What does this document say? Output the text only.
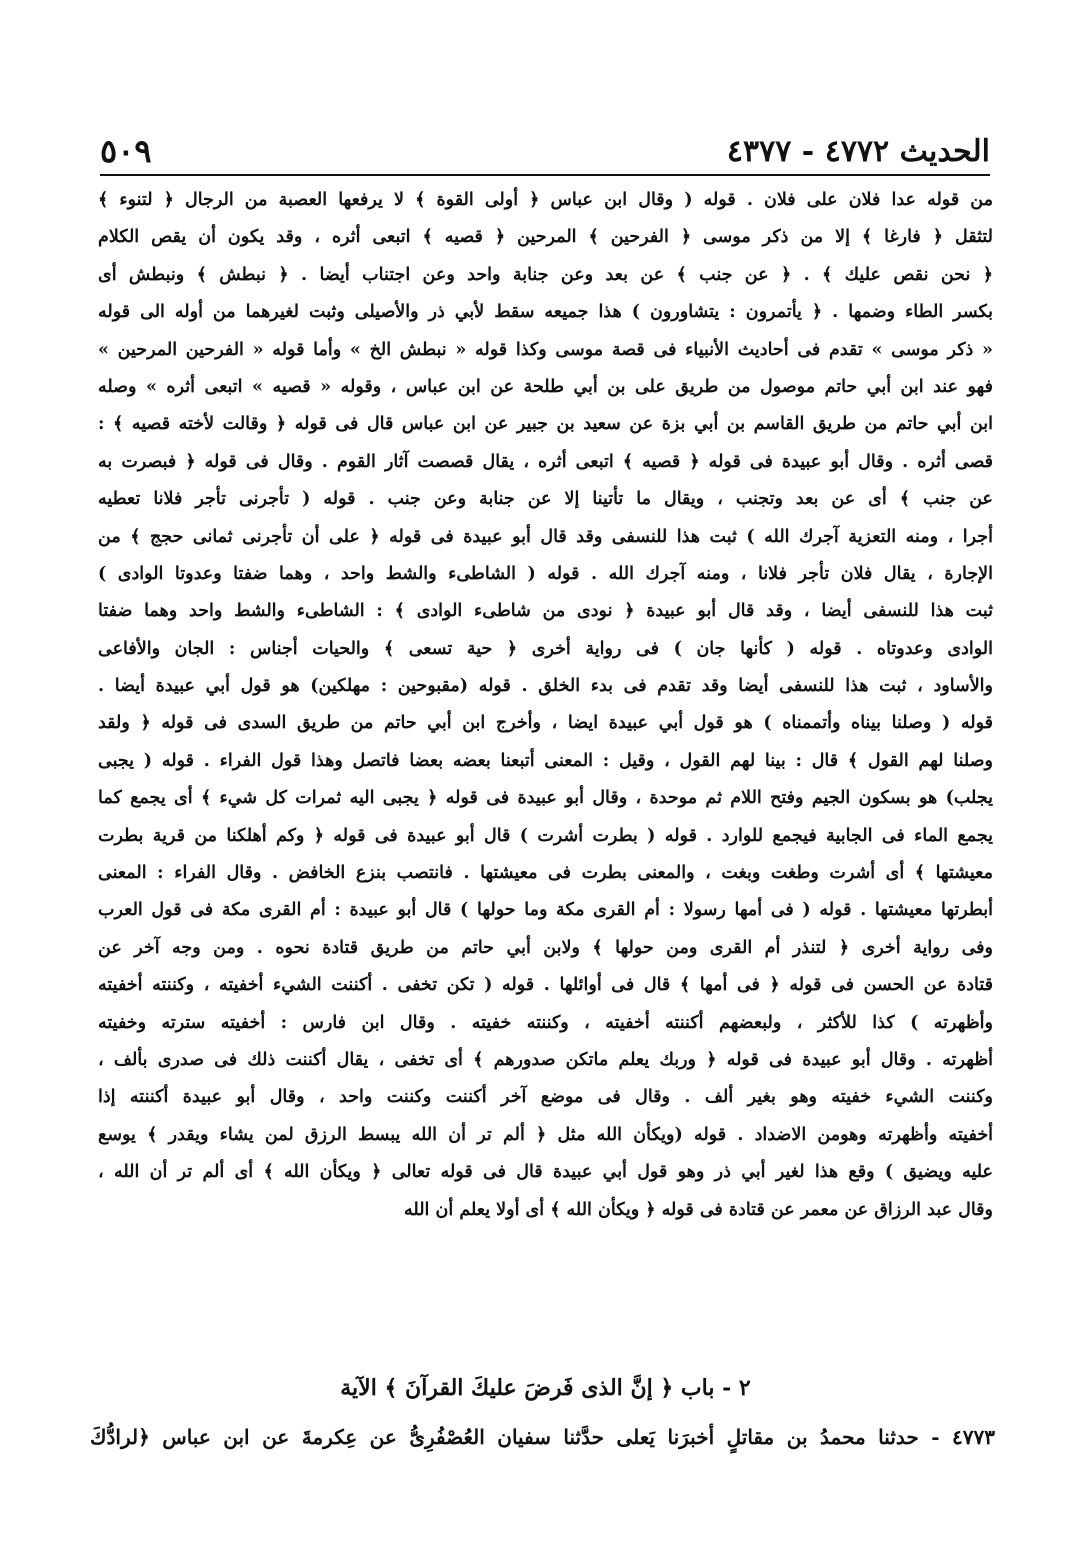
الحديث ٤٧٧٢ - ٤٣٧٧
٥٠٩
من قوله عدا فلان على فلان . قوله ( وقال ابن عباس ﴿ أولى القوة ﴾ لا يرفعها العصبة من الرجال ﴿ لتنوء ﴾
لتثقل ﴿ فارغا ﴾ إلا من ذكر موسى ﴿ الفرحين ﴾ المرحين ﴿ قصيه ﴾ اتبعى أثره ، وقد يكون أن يقص الكلام
﴿ نحن نقص عليك ﴾ . ﴿ عن جنب ﴾ عن بعد وعن جنابة واحد وعن اجتناب أيضا . ﴿ نبطش ﴾ ونبطش أى
بكسر الطاء وضمها . ﴿ يأتمرون : يتشاورون ) هذا جميعه سقط لأبي ذر والأصيلى وثبت لغيرهما من أوله الى قوله
« ذكر موسى » تقدم فى أحاديث الأنبياء فى قصة موسى وكذا قوله « نبطش الخ » وأما قوله « الفرحين المرحين »
فهو عند ابن أبي حاتم موصول من طريق على بن أبي طلحة عن ابن عباس ، وقوله « قصيه » اتبعى أثره » وصله
ابن أبي حاتم من طريق القاسم بن أبي بزة عن سعيد بن جبير عن ابن عباس قال فى قوله ﴿ وقالت لأخته قصيه ﴾ :
قصى أثره . وقال أبو عبيدة فى قوله ﴿ قصيه ﴾ اتبعى أثره ، يقال قصصت آثار القوم . وقال فى قوله ﴿ فبصرت به
عن جنب ﴾ أى عن بعد وتجنب ، ويقال ما تأتينا إلا عن جنابة وعن جنب . قوله ( تأجرنى تأجر فلانا تعطيه
أجرا ، ومنه التعزية آجرك الله ) ثبت هذا للنسفى وقد قال أبو عبيدة فى قوله ﴿ على أن تأجرنى ثمانى حجج ﴾ من
الإجارة ، يقال فلان تأجر فلانا ، ومنه آجرك الله . قوله ( الشاطىء والشط واحد ، وهما ضفتا وعدوتا الوادى )
ثبت هذا للنسفى أيضا ، وقد قال أبو عبيدة ﴿ نودى من شاطىء الوادى ﴾ : الشاطىء والشط واحد وهما ضفتا
الوادى وعدوتاه . قوله ( كأنها جان ) فى رواية أخرى ﴿ حية تسعى ﴾ والحيات أجناس : الجان والأفاعى
والأساود ، ثبت هذا للنسفى أيضا وقد تقدم فى بدء الخلق . قوله (مقبوحين : مهلكين) هو قول أبي عبيدة أيضا .
قوله ( وصلنا بيناه وأتممناه ) هو قول أبي عبيدة ايضا ، وأخرج ابن أبي حاتم من طريق السدى فى قوله ﴿ ولقد
وصلنا لهم القول ﴾ قال : بينا لهم القول ، وقيل : المعنى أتبعنا بعضه بعضا فاتصل وهذا قول الفراء . قوله ( يجبى
يجلب) هو بسكون الجيم وفتح اللام ثم موحدة ، وقال أبو عبيدة فى قوله ﴿ يجبى اليه ثمرات كل شيء ﴾ أى يجمع كما
يجمع الماء فى الجابية فيجمع للوارد . قوله ( بطرت أشرت ) قال أبو عبيدة فى قوله ﴿ وكم أهلكنا من قرية بطرت
معيشتها ﴾ أى أشرت وطغت وبغت ، والمعنى بطرت فى معيشتها . فانتصب بنزع الخافض . وقال الفراء : المعنى
أبطرتها معيشتها . قوله ( فى أمها رسولا : أم القرى مكة وما حولها ) قال أبو عبيدة : أم القرى مكة فى قول العرب
وفى رواية أخرى ﴿ لتنذر أم القرى ومن حولها ﴾ ولابن أبي حاتم من طريق قتادة نحوه . ومن وجه آخر عن
قتادة عن الحسن فى قوله ﴿ فى أمها ﴾ قال فى أوائلها . قوله ( تكن تخفى . أكننت الشيء أخفيته ، وكننته أخفيته
وأظهرته ) كذا للأكثر ، ولبعضهم أكننته أخفيته ، وكننته خفيته . وقال ابن فارس : أخفيته سترته وخفيته
أظهرته . وقال أبو عبيدة فى قوله ﴿ وربك يعلم ماتكن صدورهم ﴾ أى تخفى ، يقال أكننت ذلك فى صدرى بألف ،
وكننت الشيء خفيته وهو بغير ألف . وقال فى موضع آخر أكننت وكننت واحد ، وقال أبو عبيدة أكننته إذا
أخفيته وأظهرته وهومن الاضداد . قوله (ويكأن الله مثل ﴿ ألم تر أن الله يبسط الرزق لمن يشاء ويقدر ﴾ يوسع
عليه ويضيق ) وقع هذا لغير أبي ذر وهو قول أبي عبيدة قال فى قوله تعالى ﴿ ويكأن الله ﴾ أى ألم تر أن الله ،
وقال عبد الرزاق عن معمر عن قتادة فى قوله ﴿ ويكأن الله ﴾ أى أولا يعلم أن الله
٢ - باب ﴿ إنَّ الذى فَرضَ عليكَ القرآنَ ﴾ الآية
٤٧٧٣ - حدثنا محمدُ بن مقاتلٍ أخبرَنا يَعلى حدَّثنا سفيان العُصْفُرِىُّ عن عِكرمةَ عن ابن عباس ﴿لرادُّكَ
